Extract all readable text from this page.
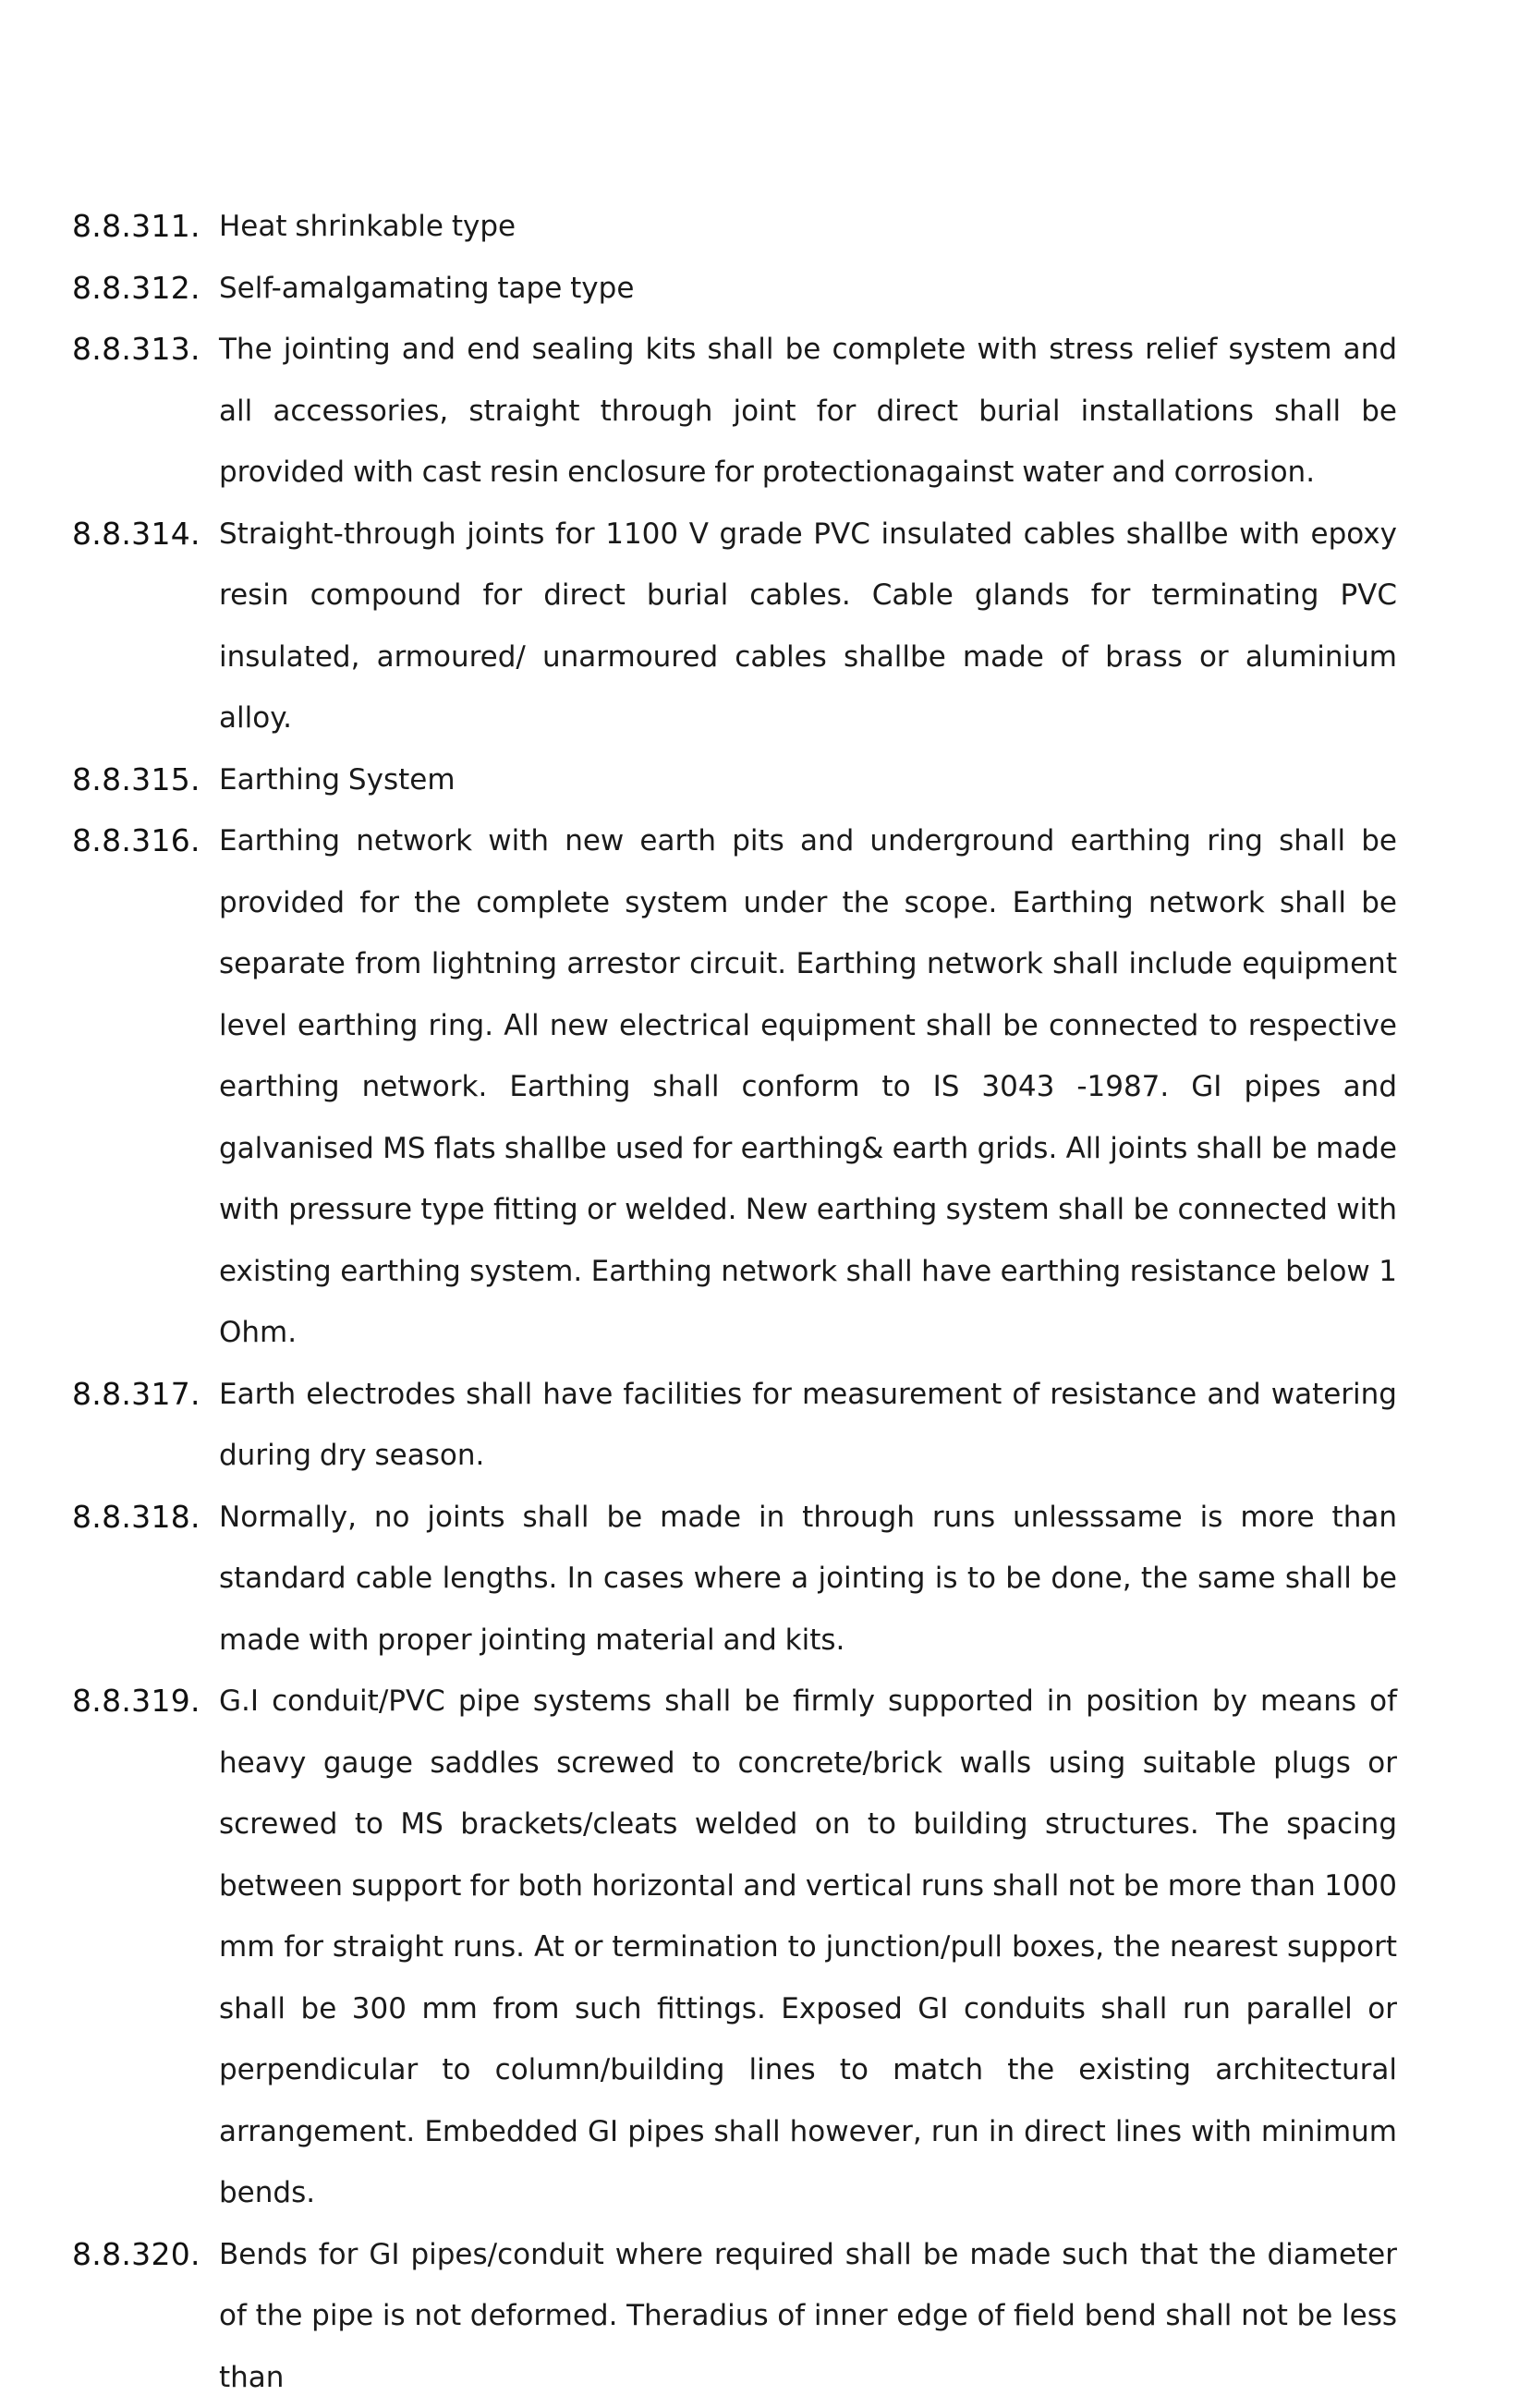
8.8.311. Heat shrinkable type
8.8.312. Self-amalgamating tape type
8.8.313. The jointing and end sealing kits shall be complete with stress relief system and all accessories, straight through joint for direct burial installations shall be provided with cast resin enclosure for protectionagainst water and corrosion.
8.8.314. Straight-through joints for 1100 V grade PVC insulated cables shallbe with epoxy resin compound for direct burial cables. Cable glands for terminating PVC insulated, armoured/ unarmoured cables shallbe made of brass or aluminium alloy.
8.8.315. Earthing System
8.8.316. Earthing network with new earth pits and underground earthing ring shall be provided for the complete system under the scope. Earthing network shall be separate from lightning arrestor circuit. Earthing network shall include equipment level earthing ring. All new electrical equipment shall be connected to respective earthing network. Earthing shall conform to IS 3043 -1987. GI pipes and galvanised MS flats shallbe used for earthing& earth grids. All joints shall be made with pressure type fitting or welded. New earthing system shall be connected with existing earthing system. Earthing network shall have earthing resistance below 1 Ohm.
8.8.317. Earth electrodes shall have facilities for measurement of resistance and watering during dry season.
8.8.318. Normally, no joints shall be made in through runs unlesssame is more than standard cable lengths. In cases where a jointing is to be done, the same shall be made with proper jointing material and kits.
8.8.319. G.I conduit/PVC pipe systems shall be firmly supported in position by means of heavy gauge saddles screwed to concrete/brick walls using suitable plugs or screwed to MS brackets/cleats welded on to building structures. The spacing between support for both horizontal and vertical runs shall not be more than 1000 mm for straight runs. At or termination to junction/pull boxes, the nearest support shall be 300 mm from such fittings. Exposed GI conduits shall run parallel or perpendicular to column/building lines to match the existing architectural arrangement. Embedded GI pipes shall however, run in direct lines with minimum bends.
8.8.320. Bends for GI pipes/conduit where required shall be made such that the diameter of the pipe is not deformed. Theradius of inner edge of field bend shall not be less than
